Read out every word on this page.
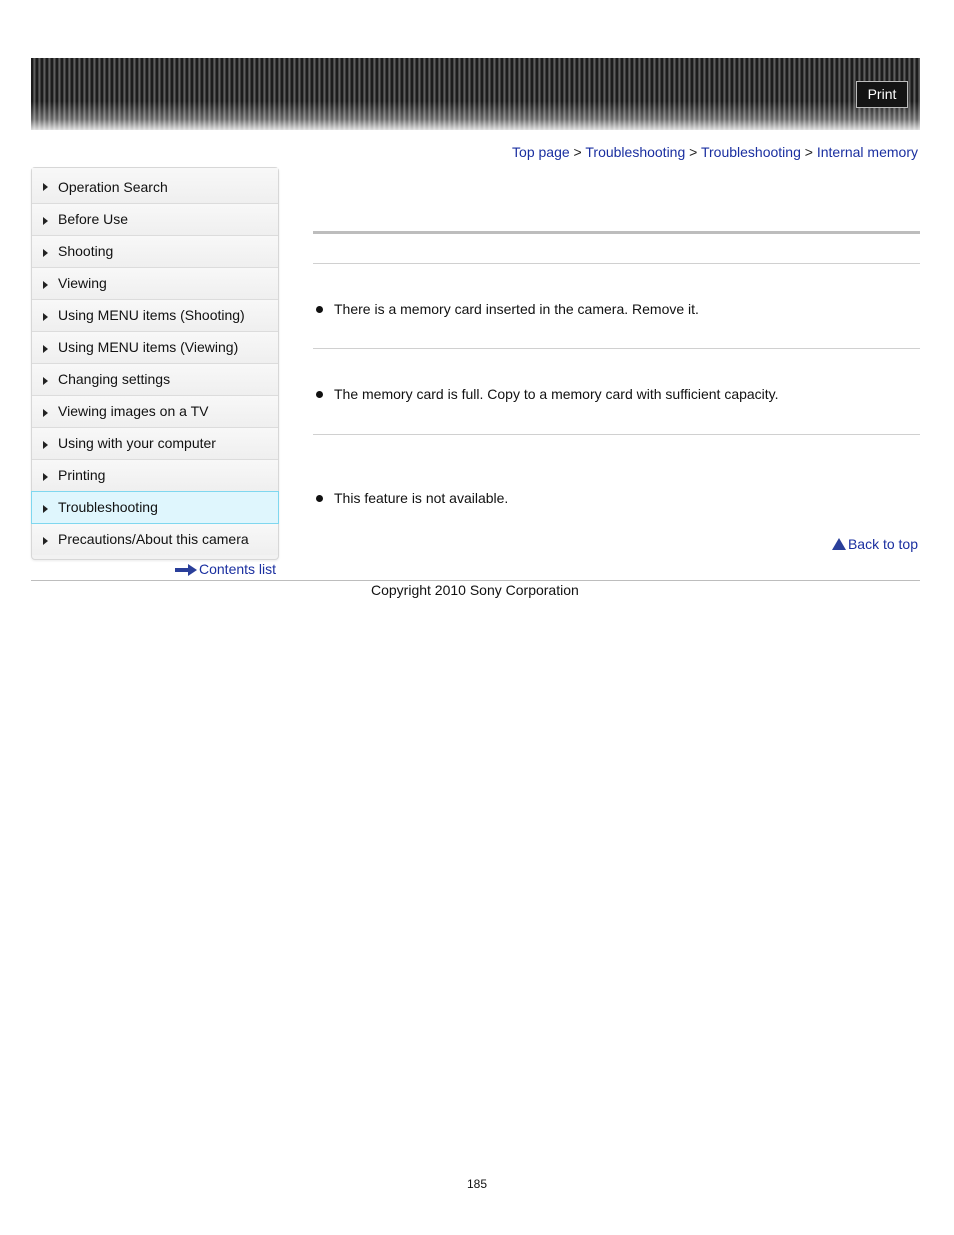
Print
Top page > Troubleshooting > Troubleshooting > Internal memory
Operation Search
Before Use
Shooting
Viewing
Using MENU items (Shooting)
Using MENU items (Viewing)
Changing settings
Viewing images on a TV
Using with your computer
Printing
Troubleshooting
Precautions/About this camera
Contents list
There is a memory card inserted in the camera. Remove it.
The memory card is full. Copy to a memory card with sufficient capacity.
This feature is not available.
Back to top
Copyright 2010 Sony Corporation
185
